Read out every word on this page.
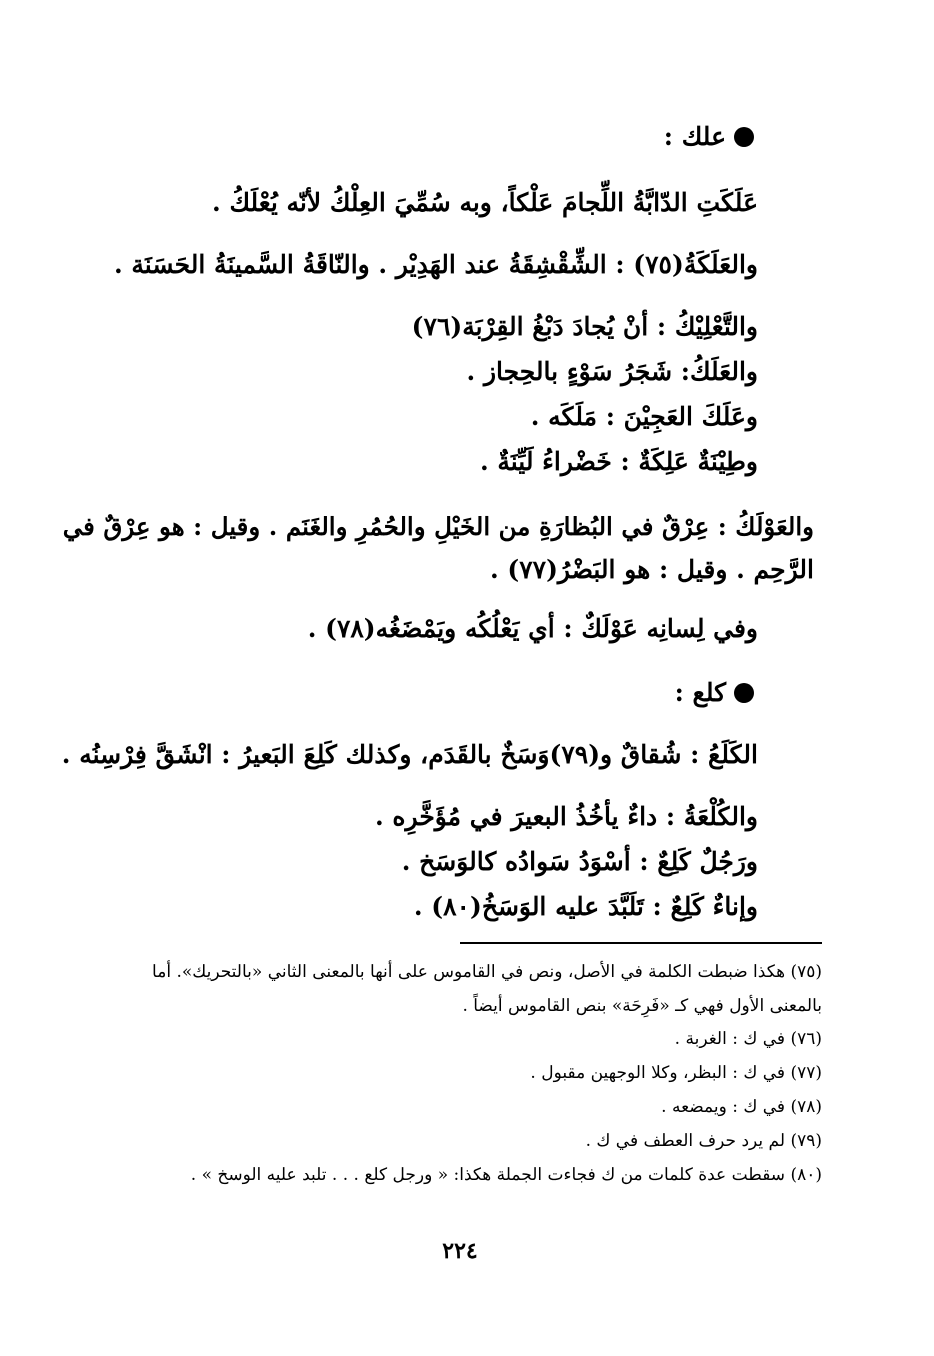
علك :
عَلَكَتِ الدّابَّةُ اللِّجامَ عَلْكاً، وبه سُمِّيَ العِلْكُ لأنّه يُعْلَكُ .
والعَلَكَةُ(٧٥) : الشِّقْشِقَةُ عند الهَدِيْر . والنّاقَةُ السَّمينَةُ الحَسَنَة .
والتَّعْلِيْكُ : أنْ يُجادَ دَبْغُ القِرْبَة(٧٦)
والعَلَكُ: شَجَرُ سَوْءٍ بالحِجاز .
وعَلَكَ العَجِيْنَ : مَلَكَه .
وطِيْنَةٌ عَلِكَةٌ : خَضْراءُ لَيِّنَةٌ .
والعَوْلَكُ : عِرْقٌ في البُظارَةِ من الخَيْلِ والحُمُرِ والغَنَم . وقيل : هو عِرْقٌ في
الرَّحِم . وقيل : هو البَضْرُ(٧٧) .
وفي لِسانِه عَوْلَكٌ : أي يَعْلُكُه ويَمْضَغُه(٧٨) .
كلع :
الكَلَعُ : شُقاقٌ و(٧٩)وَسَخٌ بالقَدَم، وكذلك كَلِعَ البَعيرُ : انْشَقَّ فِرْسِنُه .
والكُلْعَةُ : داءٌ يأخُذُ البعيرَ في مُؤَخَّرِه .
ورَجُلٌ كَلِعٌ : أسْوَدُ سَوادُه كالوَسَخ .
وإناءٌ كَلِعٌ : تَلَبَّدَ عليه الوَسَخُ(٨٠) .
(٧٥) هكذا ضبطت الكلمة في الأصل، ونص في القاموس على أنها بالمعنى الثاني «بالتحريك». أما
بالمعنى الأول فهي كـ «فَرِحَة» بنص القاموس أيضاً .
(٧٦) في ك : الغربة .
(٧٧) في ك : البظر، وكلا الوجهين مقبول .
(٧٨) في ك : ويمضعه .
(٧٩) لم يرد حرف العطف في ك .
(٨٠) سقطت عدة كلمات من ك فجاءت الجملة هكذا: « ورجل كلع . . . تلبد عليه الوسخ » .
٢٢٤
